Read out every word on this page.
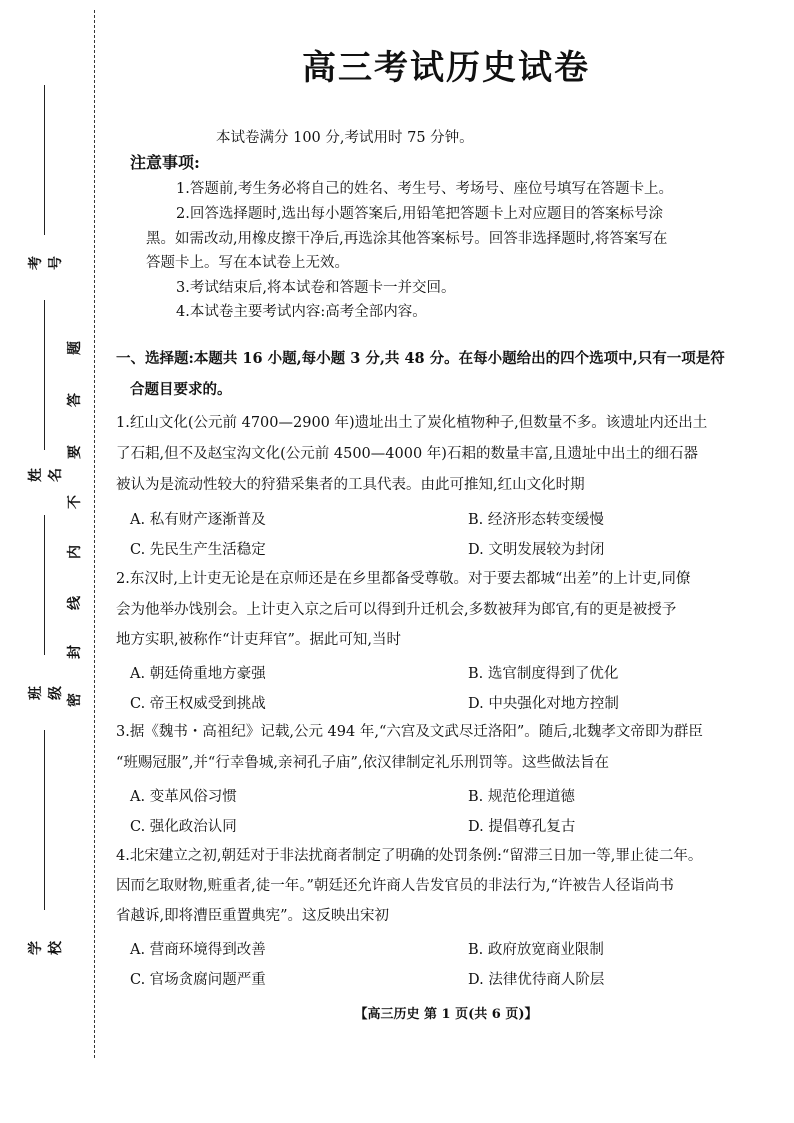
考号
姓名
班级
学校
题
答
要
不
内
线
封
密
高三考试历史试卷
本试卷满分 100 分,考试用时 75 分钟。
注意事项:
1.答题前,考生务必将自己的姓名、考生号、考场号、座位号填写在答题卡上。
2.回答选择题时,选出每小题答案后,用铅笔把答题卡上对应题目的答案标号涂
黑。如需改动,用橡皮擦干净后,再选涂其他答案标号。回答非选择题时,将答案写在
答题卡上。写在本试卷上无效。
3.考试结束后,将本试卷和答题卡一并交回。
4.本试卷主要考试内容:高考全部内容。
一、选择题:本题共 16 小题,每小题 3 分,共 48 分。在每小题给出的四个选项中,只有一项是符
合题目要求的。
1.红山文化(公元前 4700—2900 年)遗址出土了炭化植物种子,但数量不多。该遗址内还出土
了石耜,但不及赵宝沟文化(公元前 4500—4000 年)石耜的数量丰富,且遗址中出土的细石器
被认为是流动性较大的狩猎采集者的工具代表。由此可推知,红山文化时期
A. 私有财产逐渐普及	B. 经济形态转变缓慢
C. 先民生产生活稳定	D. 文明发展较为封闭
2.东汉时,上计吏无论是在京师还是在乡里都备受尊敬。对于要去都城“出差”的上计吏,同僚
会为他举办饯别会。上计吏入京之后可以得到升迁机会,多数被拜为郎官,有的更是被授予
地方实职,被称作“计吏拜官”。据此可知,当时
A. 朝廷倚重地方豪强	B. 选官制度得到了优化
C. 帝王权威受到挑战	D. 中央强化对地方控制
3.据《魏书・高祖纪》记载,公元 494 年,“六宫及文武尽迁洛阳”。随后,北魏孝文帝即为群臣
“班赐冠服”,并“行幸鲁城,亲祠孔子庙”,依汉律制定礼乐刑罚等。这些做法旨在
A. 变革风俗习惯	B. 规范伦理道德
C. 强化政治认同	D. 提倡尊孔复古
4.北宋建立之初,朝廷对于非法扰商者制定了明确的处罚条例:“留滞三日加一等,罪止徒二年。
因而乞取财物,赃重者,徒一年。”朝廷还允许商人告发官员的非法行为,“许被告人径诣尚书
省越诉,即将漕臣重置典宪”。这反映出宋初
A. 营商环境得到改善	B. 政府放宽商业限制
C. 官场贪腐问题严重	D. 法律优待商人阶层
【高三历史 第 1 页(共 6 页)】
